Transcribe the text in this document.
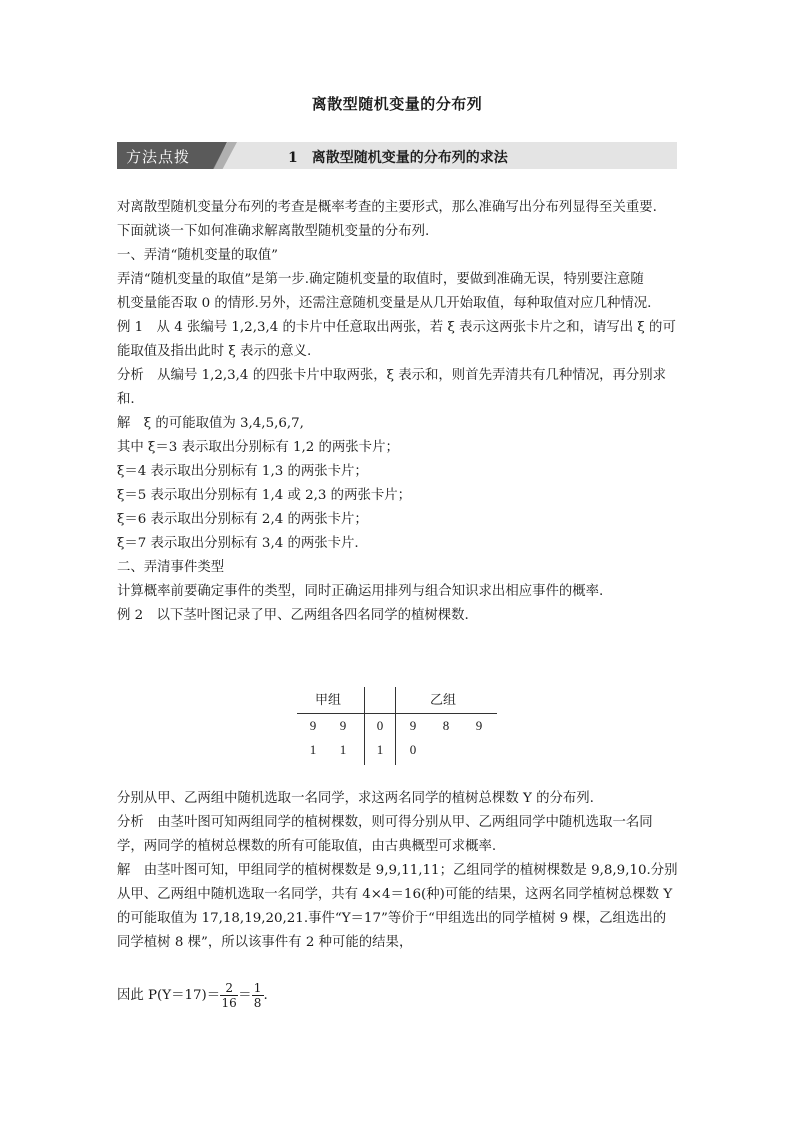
离散型随机变量的分布列
方法点拨	1　离散型随机变量的分布列的求法
对离散型随机变量分布列的考查是概率考查的主要形式，那么准确写出分布列显得至关重要.
下面就谈一下如何准确求解离散型随机变量的分布列.
一、弄清“随机变量的取值”
弄清“随机变量的取值”是第一步.确定随机变量的取值时，要做到准确无误，特别要注意随
机变量能否取 0 的情形.另外，还需注意随机变量是从几开始取值，每种取值对应几种情况.
例 1　从 4 张编号 1,2,3,4 的卡片中任意取出两张，若 ξ 表示这两张卡片之和，请写出 ξ 的可
能取值及指出此时 ξ 表示的意义.
分析　从编号 1,2,3,4 的四张卡片中取两张，ξ 表示和，则首先弄清共有几种情况，再分别求
和.
解　ξ 的可能取值为 3,4,5,6,7,
其中 ξ＝3 表示取出分别标有 1,2 的两张卡片；
ξ＝4 表示取出分别标有 1,3 的两张卡片；
ξ＝5 表示取出分别标有 1,4 或 2,3 的两张卡片；
ξ＝6 表示取出分别标有 2,4 的两张卡片；
ξ＝7 表示取出分别标有 3,4 的两张卡片.
二、弄清事件类型
计算概率前要确定事件的类型，同时正确运用排列与组合知识求出相应事件的概率.
例 2　以下茎叶图记录了甲、乙两组各四名同学的植树棵数.
甲组	乙组
9	9	0	9	8	9
1	1	1	0
分别从甲、乙两组中随机选取一名同学，求这两名同学的植树总棵数 Y 的分布列.
分析　由茎叶图可知两组同学的植树棵数，则可得分别从甲、乙两组同学中随机选取一名同
学，两同学的植树总棵数的所有可能取值，由古典概型可求概率.
解　由茎叶图可知，甲组同学的植树棵数是 9,9,11,11；乙组同学的植树棵数是 9,8,9,10.分别
从甲、乙两组中随机选取一名同学，共有 4×4＝16(种)可能的结果，这两名同学植树总棵数 Y
的可能取值为 17,18,19,20,21.事件“Y＝17”等价于“甲组选出的同学植树 9 棵，乙组选出的
同学植树 8 棵”，所以该事件有 2 种可能的结果，
因此 $P(Y=17)= \frac{2}{16} = \frac{1}{8}$ .
